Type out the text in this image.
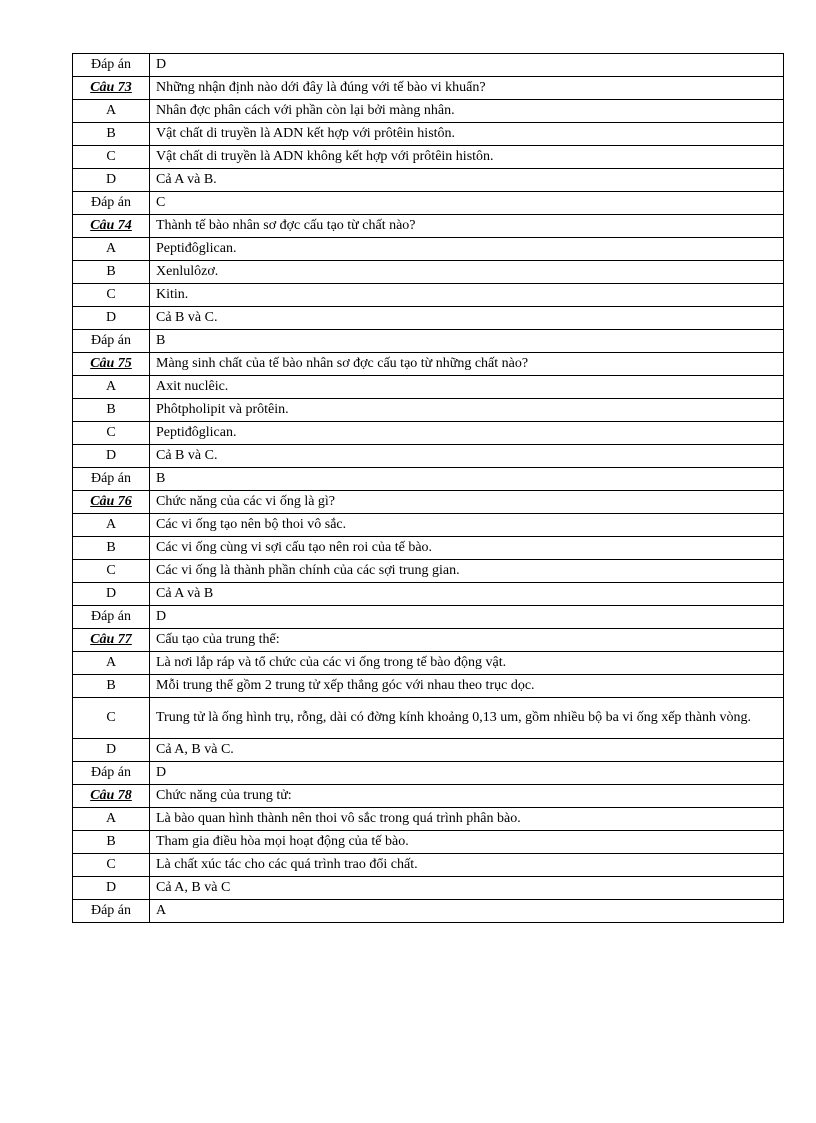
Đáp án	D
Câu 73	Những nhận định nào dới đây là đúng với tế bào vi khuẩn?
A	Nhân đợc phân cách với phần còn lại bởi màng nhân.
B	Vật chất di truyền là ADN kết hợp với prôtêin histôn.
C	Vật chất di truyền là ADN không kết hợp với prôtêin histôn.
D	Cả A và B.
Đáp án	C
Câu 74	Thành tế bào nhân sơ đợc cấu tạo từ chất nào?
A	Peptiđôglican.
B	Xenlulôzơ.
C	Kitin.
D	Cả B và C.
Đáp án	B
Câu 75	Màng sinh chất của tế bào nhân sơ đợc cấu tạo từ những chất nào?
A	Axit nuclêic.
B	Phôtpholipit và prôtêin.
C	Peptiđôglican.
D	Cả B và C.
Đáp án	B
Câu 76	Chức năng của các vi ống là gì?
A	Các vi ống tạo nên bộ thoi vô sắc.
B	Các vi ống cùng vi sợi cấu tạo nên roi của tế bào.
C	Các vi ống là thành phần chính của các sợi trung gian.
D	Cả A và B
Đáp án	D
Câu 77	Cấu tạo của trung thể:
A	Là nơi lắp ráp và tổ chức của các vi ống trong tế bào động vật.
B	Mỗi trung thể gồm 2 trung tử xếp thẳng góc với nhau theo trục dọc.
C	Trung tử là ống hình trụ, rỗng, dài có đờng kính khoảng 0,13 um, gồm nhiều bộ ba vi ống xếp thành vòng.
D	Cả A, B và C.
Đáp án	D
Câu 78	Chức năng của trung tử:
A	Là bào quan hình thành nên thoi vô sắc trong quá trình phân bào.
B	Tham gia điều hòa mọi hoạt động của tế bào.
C	Là chất xúc tác cho các quá trình trao đổi chất.
D	Cả A, B và C
Đáp án	A
